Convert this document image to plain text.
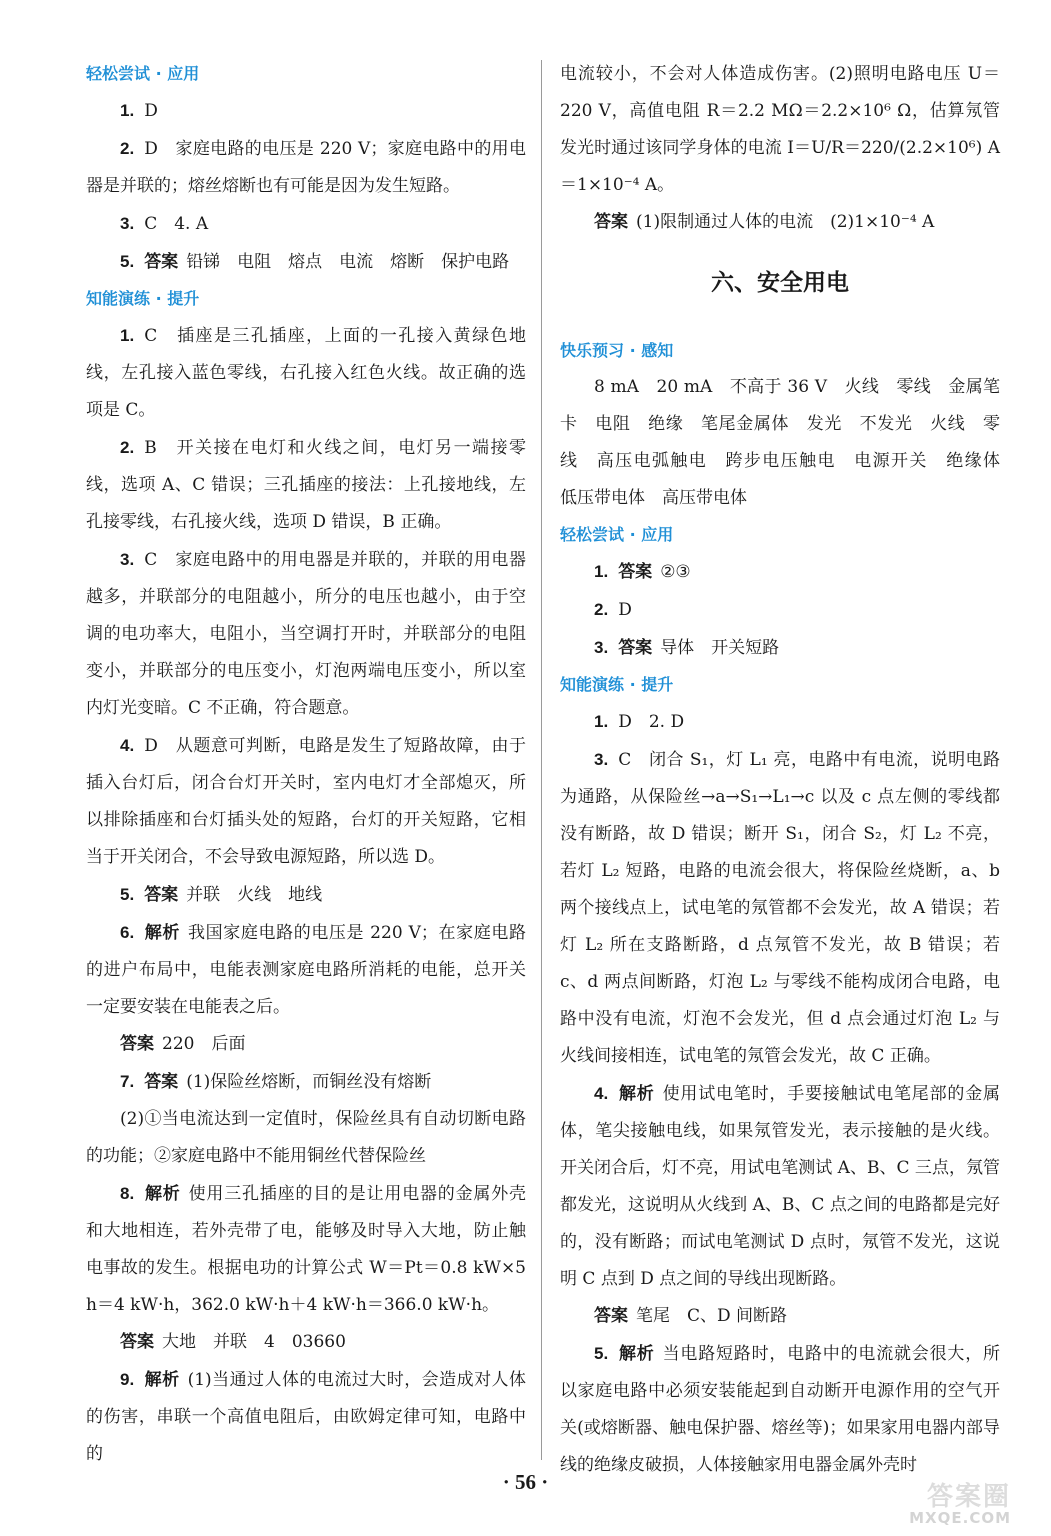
轻松尝试 · 应用

1. D

2. D　家庭电路的电压是 220 V；家庭电路中的用电器是并联的；熔丝熔断也有可能是因为发生短路。

3. C　4. A

5. 答案 铅锑　电阻　熔点　电流　熔断　保护电路

知能演练 · 提升

1. C　插座是三孔插座，上面的一孔接入黄绿色地线，左孔接入蓝色零线，右孔接入红色火线。故正确的选项是 C。

2. B　开关接在电灯和火线之间，电灯另一端接零线，选项 A、C 错误；三孔插座的接法：上孔接地线，左孔接零线，右孔接火线，选项 D 错误，B 正确。

3. C　家庭电路中的用电器是并联的，并联的用电器越多，并联部分的电阻越小，所分的电压也越小，由于空调的电功率大，电阻小，当空调打开时，并联部分的电阻变小，并联部分的电压变小，灯泡两端电压变小，所以室内灯光变暗。C 不正确，符合题意。

4. D　从题意可判断，电路是发生了短路故障，由于插入台灯后，闭合台灯开关时，室内电灯才全部熄灭，所以排除插座和台灯插头处的短路，台灯的开关短路，它相当于开关闭合，不会导致电源短路，所以选 D。

5. 答案 并联　火线　地线

6. 解析 我国家庭电路的电压是 220 V；在家庭电路的进户布局中，电能表测家庭电路所消耗的电能，总开关一定要安装在电能表之后。

答案 220　后面

7. 答案 (1)保险丝熔断，而铜丝没有熔断

(2)①当电流达到一定值时，保险丝具有自动切断电路的功能；②家庭电路中不能用铜丝代替保险丝

8. 解析 使用三孔插座的目的是让用电器的金属外壳和大地相连，若外壳带了电，能够及时导入大地，防止触电事故的发生。根据电功的计算公式 W＝Pt＝0.8 kW×5 h＝4 kW·h，362.0 kW·h＋4 kW·h＝366.0 kW·h。

答案 大地　并联　4　03660

9. 解析 (1)当通过人体的电流过大时，会造成对人体的伤害，串联一个高值电阻后，由欧姆定律可知，电路中的

电流较小，不会对人体造成伤害。(2)照明电路电压 U＝220 V，高值电阻 R＝2.2 MΩ＝2.2×10⁶ Ω，估算氖管发光时通过该同学身体的电流 I＝U/R＝220/(2.2×10⁶) A＝1×10⁻⁴ A。

答案 (1)限制通过人体的电流　(2)1×10⁻⁴ A

六、安全用电
快乐预习 · 感知

8 mA　20 mA　不高于 36 V　火线　零线　金属笔卡　电阻　绝缘　笔尾金属体　发光　不发光　火线　零线　高压电弧触电　跨步电压触电　电源开关　绝缘体　低压带电体　高压带电体

轻松尝试 · 应用

1. 答案 ②③

2. D

3. 答案 导体　开关短路

知能演练 · 提升

1. D　2. D

3. C　闭合 S₁，灯 L₁ 亮，电路中有电流，说明电路为通路，从保险丝→a→S₁→L₁→c 以及 c 点左侧的零线都没有断路，故 D 错误；断开 S₁，闭合 S₂，灯 L₂ 不亮，若灯 L₂ 短路，电路的电流会很大，将保险丝烧断，a、b 两个接线点上，试电笔的氖管都不会发光，故 A 错误；若灯 L₂ 所在支路断路，d 点氖管不发光，故 B 错误；若 c、d 两点间断路，灯泡 L₂ 与零线不能构成闭合电路，电路中没有电流，灯泡不会发光，但 d 点会通过灯泡 L₂ 与火线间接相连，试电笔的氖管会发光，故 C 正确。

4. 解析 使用试电笔时，手要接触试电笔尾部的金属体，笔尖接触电线，如果氖管发光，表示接触的是火线。开关闭合后，灯不亮，用试电笔测试 A、B、C 三点，氖管都发光，这说明从火线到 A、B、C 点之间的电路都是完好的，没有断路；而试电笔测试 D 点时，氖管不发光，这说明 C 点到 D 点之间的导线出现断路。

答案 笔尾　C、D 间断路

5. 解析 当电路短路时，电路中的电流就会很大，所以家庭电路中必须安装能起到自动断开电源作用的空气开关(或熔断器、触电保护器、熔丝等)；如果家用电器内部导线的绝缘皮破损，人体接触家用电器金属外壳时

· 56 ·	答案圈
MXQE.COM
